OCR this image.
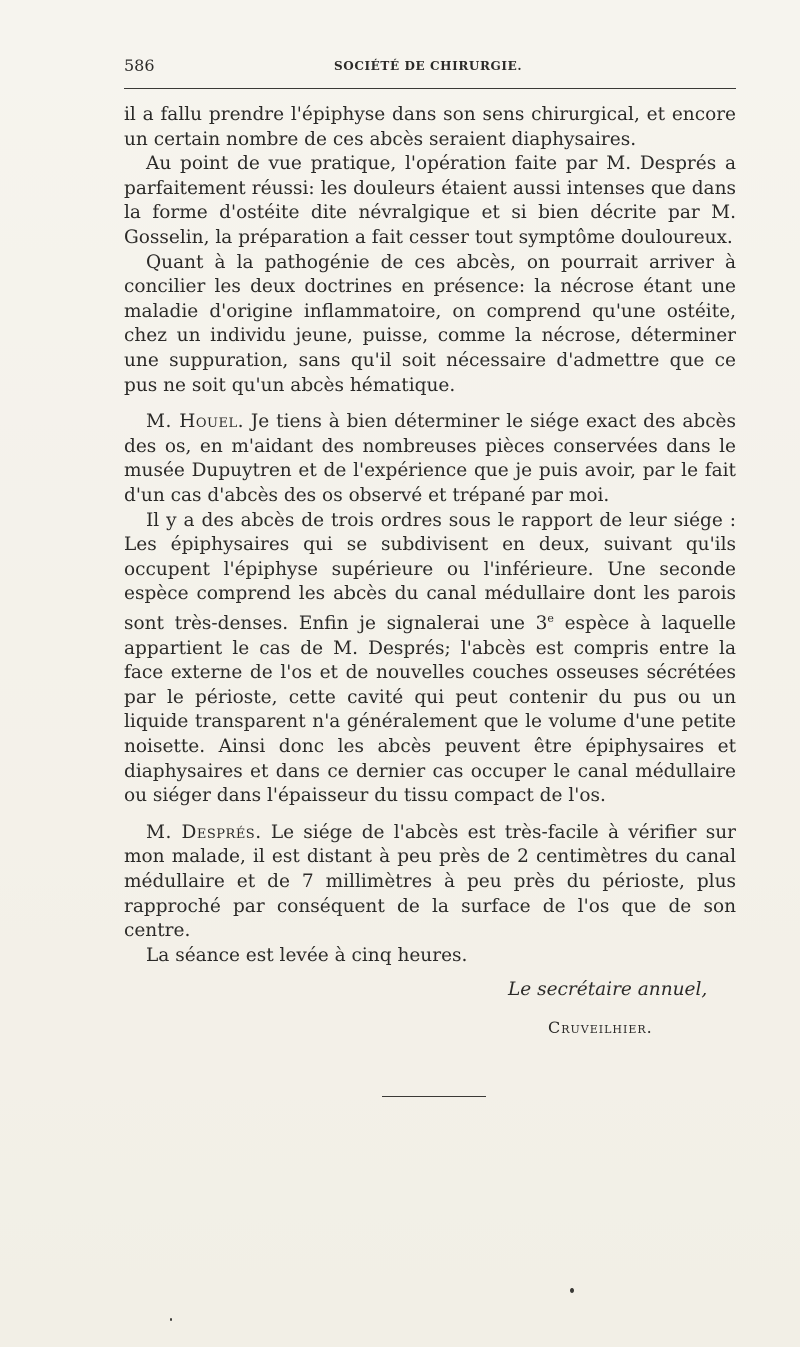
586	SOCIÉTÉ DE CHIRURGIE.

il a fallu prendre l'épiphyse dans son sens chirurgical, et encore un certain nombre de ces abcès seraient diaphysaires.

Au point de vue pratique, l'opération faite par M. Després a parfaitement réussi: les douleurs étaient aussi intenses que dans la forme d'ostéite dite névralgique et si bien décrite par M. Gosselin, la préparation a fait cesser tout symptôme douloureux.

Quant à la pathogénie de ces abcès, on pourrait arriver à concilier les deux doctrines en présence: la nécrose étant une maladie d'origine inflammatoire, on comprend qu'une ostéite, chez un individu jeune, puisse, comme la nécrose, déterminer une suppuration, sans qu'il soit nécessaire d'admettre que ce pus ne soit qu'un abcès hématique.

M. Houel. Je tiens à bien déterminer le siége exact des abcès des os, en m'aidant des nombreuses pièces conservées dans le musée Dupuytren et de l'expérience que je puis avoir, par le fait d'un cas d'abcès des os observé et trépané par moi.

Il y a des abcès de trois ordres sous le rapport de leur siége : Les épiphysaires qui se subdivisent en deux, suivant qu'ils occupent l'épiphyse supérieure ou l'inférieure. Une seconde espèce comprend les abcès du canal médullaire dont les parois sont très-denses. Enfin je signalerai une 3e espèce à laquelle appartient le cas de M. Després; l'abcès est compris entre la face externe de l'os et de nouvelles couches osseuses sécrétées par le périoste, cette cavité qui peut contenir du pus ou un liquide transparent n'a généralement que le volume d'une petite noisette. Ainsi donc les abcès peuvent être épiphysaires et diaphysaires et dans ce dernier cas occuper le canal médullaire ou siéger dans l'épaisseur du tissu compact de l'os.

M. Després. Le siége de l'abcès est très-facile à vérifier sur mon malade, il est distant à peu près de 2 centimètres du canal médullaire et de 7 millimètres à peu près du périoste, plus rapproché par conséquent de la surface de l'os que de son centre.

La séance est levée à cinq heures.

Le secrétaire annuel,
Cruveilhier.
